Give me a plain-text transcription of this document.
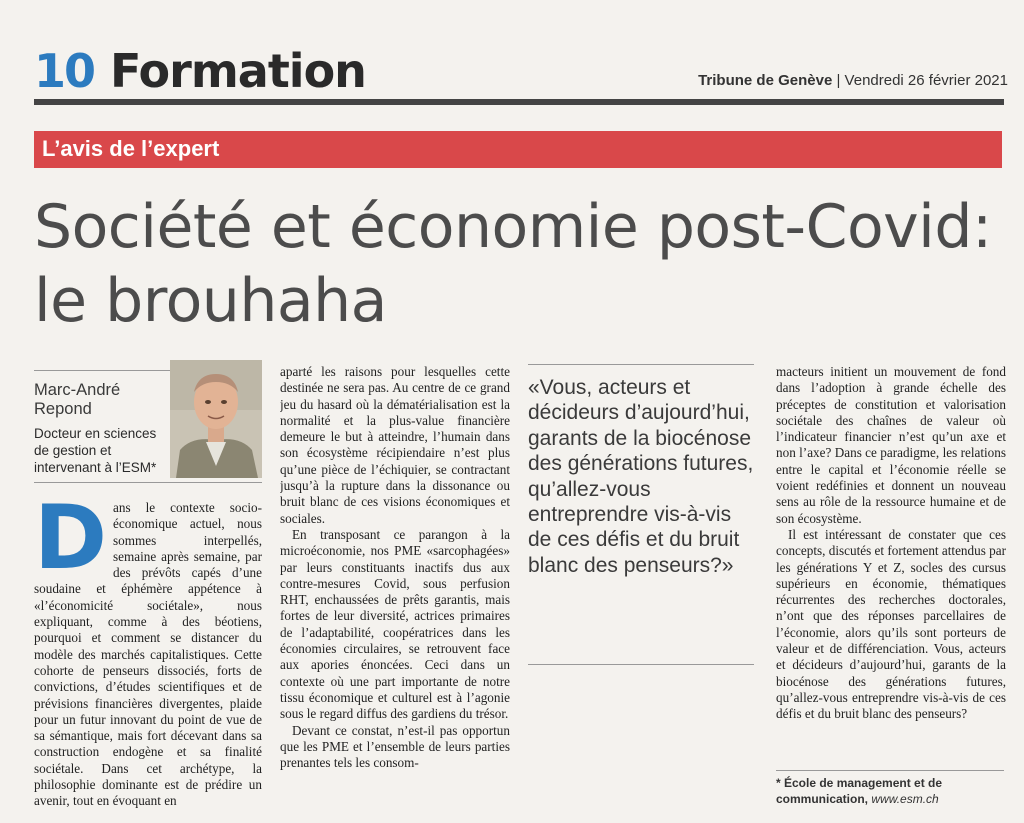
10 Formation	Tribune de Genève | Vendredi 26 février 2021
L’avis de l’expert
Société et économie post-Covid: le brouhaha
Marc-André Repond
Docteur en sciences de gestion et intervenant à l’ESM*
D ans le contexte socio-économique actuel, nous sommes interpellés, semaine après semaine, par des prévôts capés d’une soudaine et éphémère appétence à «l’économicité sociétale», nous expliquant, comme à des béotiens, pourquoi et comment se distancer du modèle des marchés capitalistiques. Cette cohorte de penseurs dissociés, forts de convictions, d’études scientifiques et de prévisions financières divergentes, plaide pour un futur innovant du point de vue de sa sémantique, mais fort décevant dans sa construction endogène et sa finalité sociétale. Dans cet archétype, la philosophie dominante est de prédire un avenir, tout en évoquant en

aparté les raisons pour lesquelles cette destinée ne sera pas. Au centre de ce grand jeu du hasard où la dématérialisation est la normalité et la plus-value financière demeure le but à atteindre, l’humain dans son écosystème récipiendaire n’est plus qu’une pièce de l’échiquier, se contractant jusqu’à la rupture dans la dissonance ou bruit blanc de ces visions économiques et sociales.

En transposant ce parangon à la microéconomie, nos PME «sarcophagées» par leurs constituants inactifs dus aux contre-mesures Covid, sous perfusion RHT, enchaussées de prêts garantis, mais fortes de leur diversité, actrices primaires de l’adaptabilité, coopératrices dans les économies circulaires, se retrouvent face aux apories énoncées. Ceci dans un contexte où une part importante de notre tissu économique et culturel est à l’agonie sous le regard diffus des gardiens du trésor.

Devant ce constat, n’est-il pas opportun que les PME et l’ensemble de leurs parties prenantes tels les consom-

«Vous, acteurs et décideurs d’aujourd’hui, garants de la biocénose des générations futures, qu’allez-vous entreprendre vis-à-vis de ces défis et du bruit blanc des penseurs?»

macteurs initient un mouvement de fond dans l’adoption à grande échelle des préceptes de constitution et valorisation sociétale des chaînes de valeur où l’indicateur financier n’est qu’un axe et non l’axe? Dans ce paradigme, les relations entre le capital et l’économie réelle se voient redéfinies et donnent un nouveau sens au rôle de la ressource humaine et de son écosystème.

Il est intéressant de constater que ces concepts, discutés et fortement attendus par les générations Y et Z, socles des cursus supérieurs en économie, thématiques récurrentes des recherches doctorales, n’ont que des réponses parcellaires de l’économie, alors qu’ils sont porteurs de valeur et de différenciation. Vous, acteurs et décideurs d’aujourd’hui, garants de la biocénose des générations futures, qu’allez-vous entreprendre vis-à-vis de ces défis et du bruit blanc des penseurs?

* École de management et de communication, www.esm.ch
